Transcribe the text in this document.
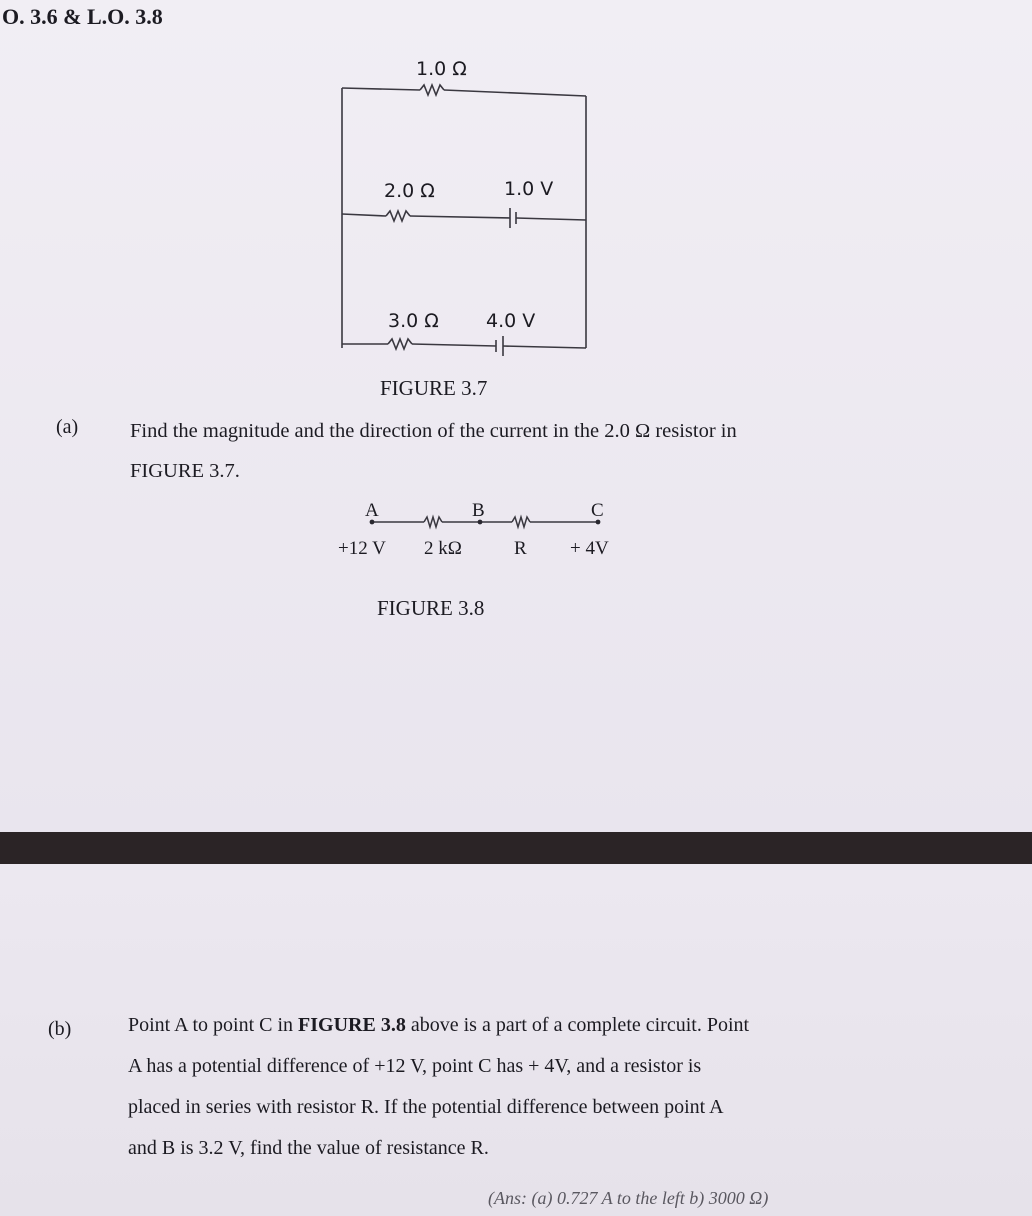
O. 3.6 & L.O. 3.8
1.0 Ω
2.0 Ω	1.0 V
3.0 Ω 4.0 V
FIGURE 3.7
(a)	Find the magnitude and the direction of the current in the 2.0 Ω resistor in
FIGURE 3.7.
A	B	C
+12 V 2 kΩ	R + 4V
FIGURE 3.8
(b)	Point A to point C in FIGURE 3.8 above is a part of a complete circuit. Point
A has a potential difference of +12 V, point C has + 4V, and a resistor is
placed in series with resistor R. If the potential difference between point A
and B is 3.2 V, find the value of resistance R.
(Ans: (a) 0.727 A to the left b) 3000 Ω)
